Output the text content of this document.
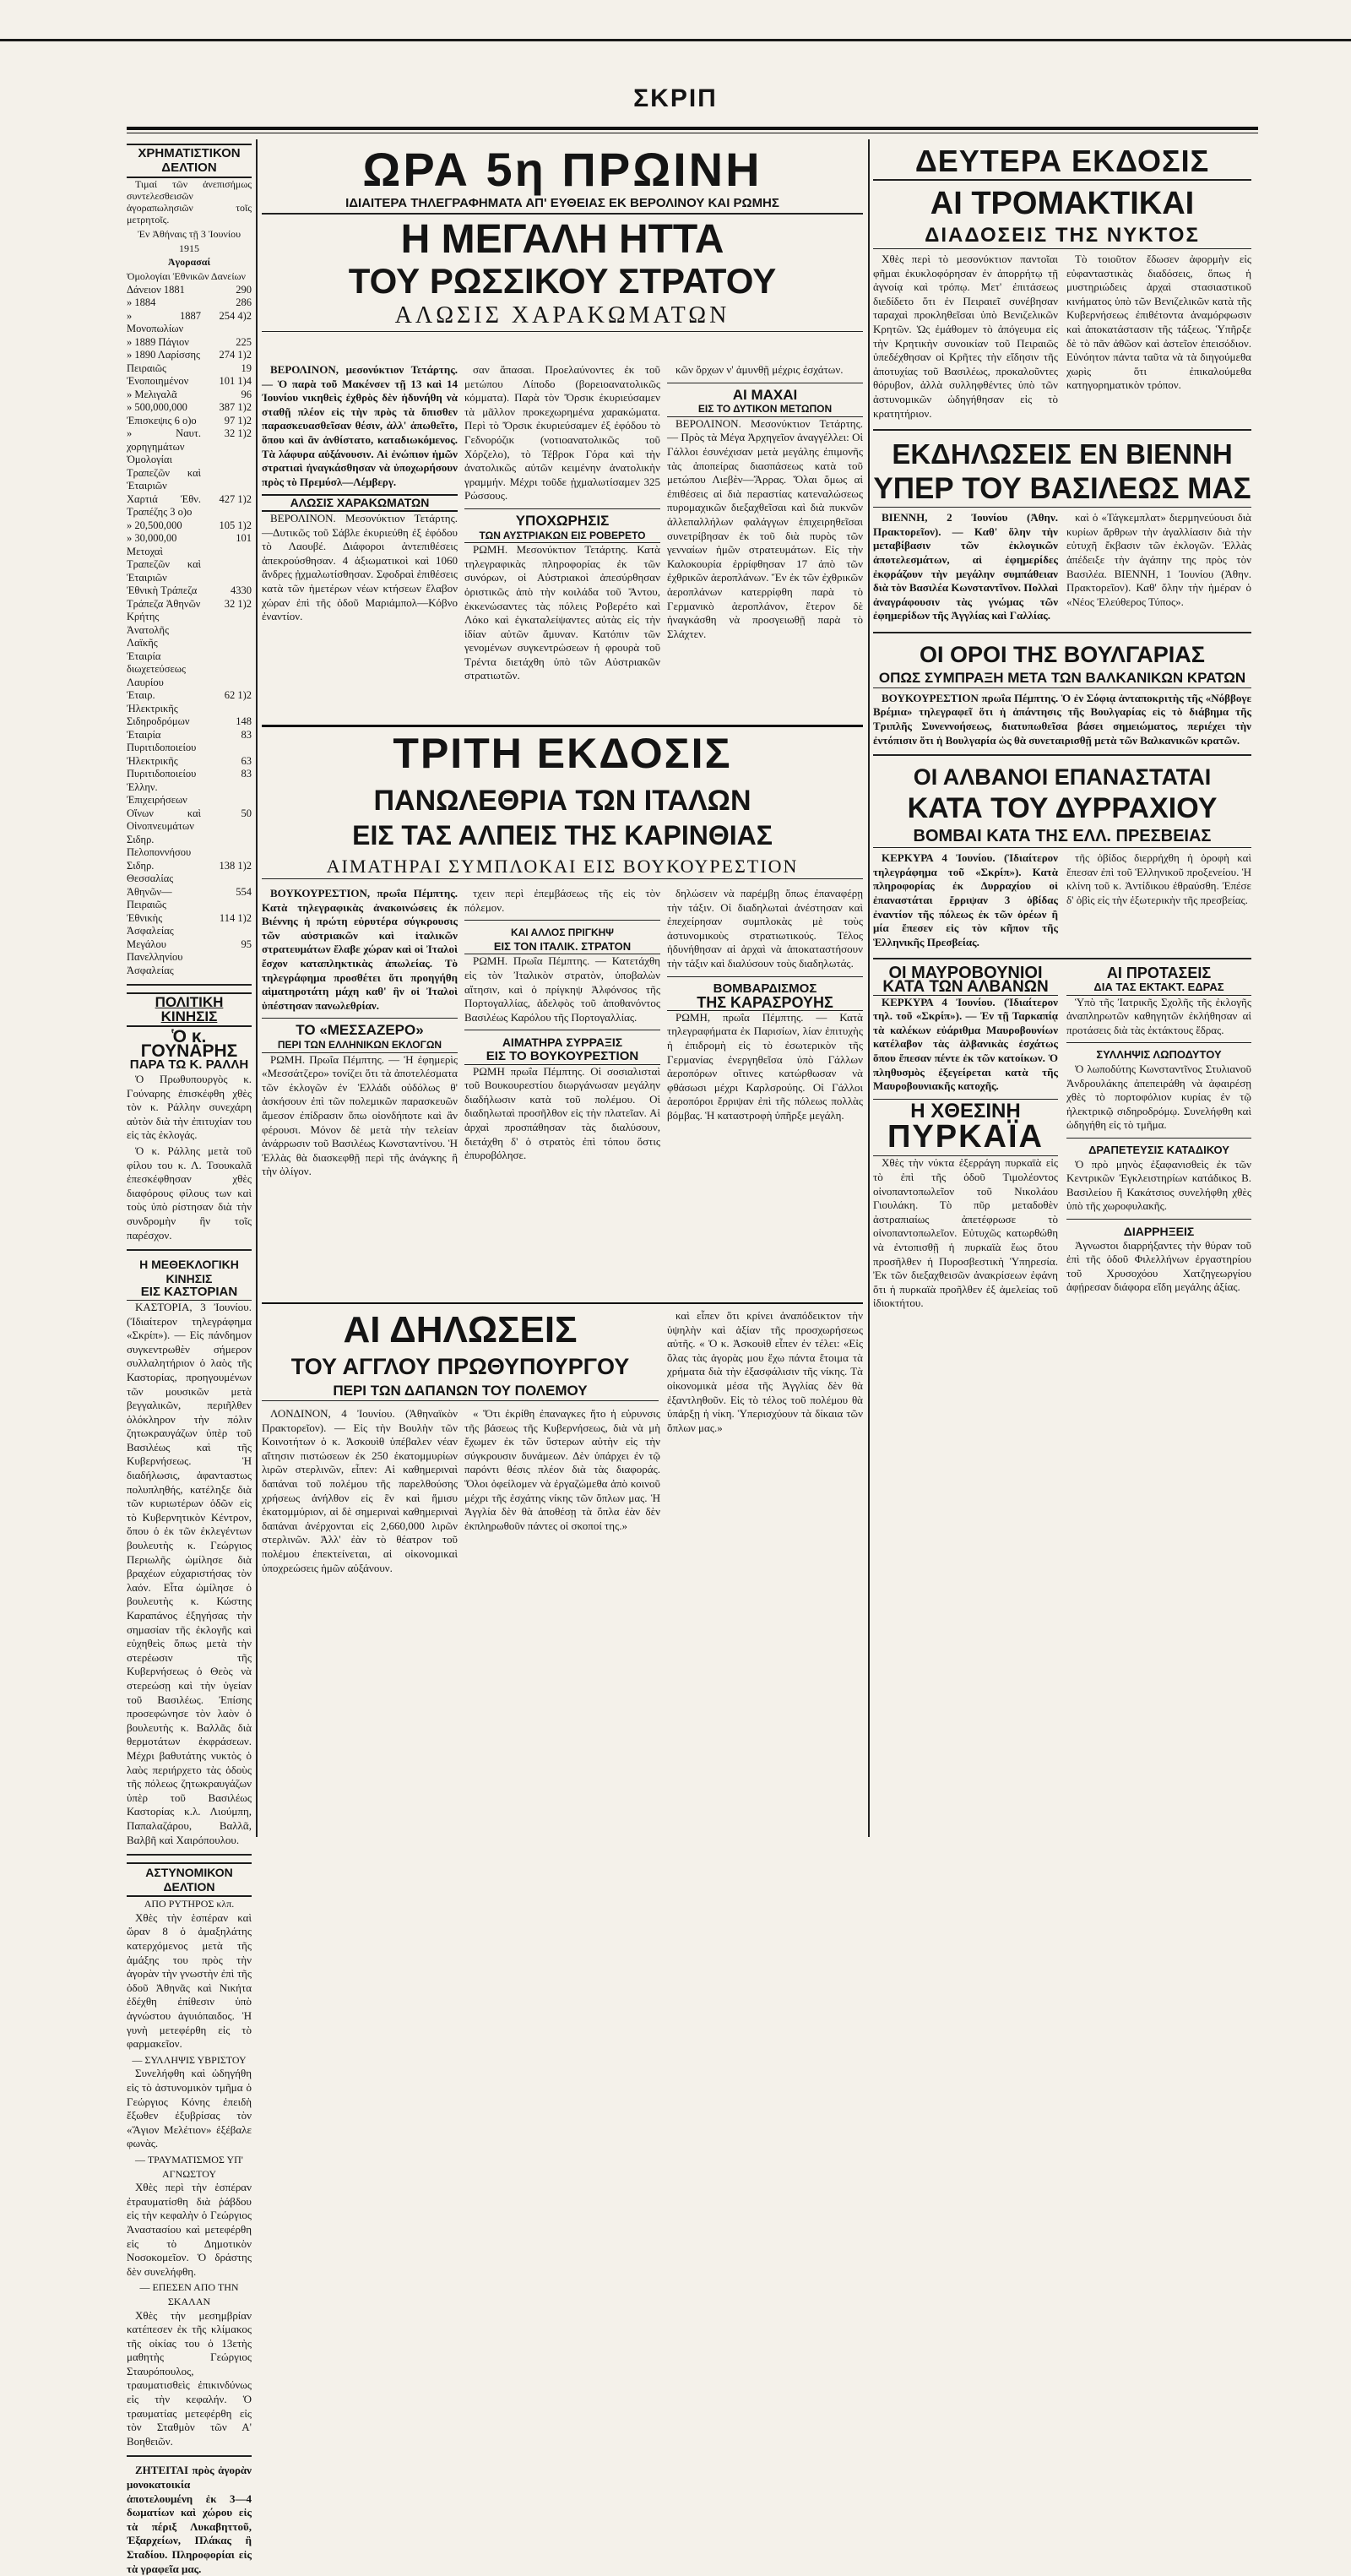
ΣΚΡΙΠ
ΧΡΗΜΑΤΙΣΤΙΚΟΝ ΔΕΛΤΙΟΝ

Τιμαί τῶν ἀνεπισήμως συντελεσθεισῶν ἀγοραπωλησιῶν τοῖς μετρητοῖς.

Ἐν Ἀθήναις τῇ 3 Ἰουνίου 1915
Ἀγορασαί
Ὁμολογίαι Ἐθνικῶν Δανείων
Δάνειον 1881	290
» 1884	286
» 1887 Μονοπωλίων	254 4)2
» 1889 Πάγιον	225
» 1890 Λαρίσσης	274 1)2
Πειραιῶς	19
Ἐνοποιημένον	101 1)4
» Μελιγαλᾶ	96
» 500,000,000	387 1)2
Ἐπισκεψις 6 ο)ο	97 1)2
» Ναυτ. χορηγημάτων	32 1)2
Ὁμολογίαι Τραπεζῶν καὶ Ἑταιριῶν	
Χαρτιά Ἐθν. Τραπέζης 3 ο)ο	427 1)2
» 20,500,000	105 1)2
» 30,000,00	101
Μετοχαὶ Τραπεζῶν καὶ Ἑταιριῶν	
Ἐθνικὴ Τράπεζα	4330
Τράπεζα Ἀθηνῶν	32 1)2
Κρήτης	
Ἀνατολῆς	
Λαϊκῆς	
Ἑταιρία διωχετεύσεως	
Λαυρίου	
Ἑταιρ. Ἠλεκτρικῆς	62 1)2
Σιδηροδρόμων	148
Ἑταιρία Πυριτιδοποιείου	83
Ἠλεκτρικῆς	63
Πυριτιδοποιείου	83
Ἑλλην. Ἐπιχειρήσεων	
Οἴνων καὶ Οἰνοπνευμάτων	50
Σιδηρ. Πελοποννήσου	
Σιδηρ. Θεσσαλίας	138 1)2
Ἀθηνῶν—Πειραιῶς	554
Ἐθνικὴς Ἀσφαλείας	114 1)2
Μεγάλου	95
Πανελληνίου Ἀσφαλείας	
ΠΟΛΙΤΙΚΗ ΚΙΝΗΣΙΣ
Ὁ κ. ΓΟΥΝΑΡΗΣ
ΠΑΡΑ ΤΩ Κ. ΡΑΛΛΗ

Ὁ Πρωθυπουργὸς κ. Γούναρης ἐπισκέφθη χθὲς τὸν κ. Ράλλην συνεχάρη αὐτὸν διὰ τὴν ἐπιτυχίαν του εἰς τὰς ἐκλογάς.

Ὁ κ. Ράλλης μετὰ τοῦ φίλου του κ. Λ. Τσουκαλᾶ ἐπεσκέφθησαν χθὲς διαφόρους φίλους των καὶ τοὺς ὑπὸ ρίστησαν διὰ τὴν συνδρομὴν ἣν τοῖς παρέσχον.

Η ΜΕΘΕΚΛΟΓΙΚΗ ΚΙΝΗΣΙΣ
ΕΙΣ ΚΑΣΤΟΡΙΑΝ

ΚΑΣΤΟΡΙΑ, 3 Ἰουνίου. (Ἰδιαίτερον τηλεγράφημα «Σκρίπ»). — Εἰς πάνδημον συγκεντρωθὲν σήμερον συλλαλητήριον ὁ λαὸς τῆς Καστορίας, προηγουμένων τῶν μουσικῶν μετὰ βεγγαλικῶν, περιῆλθεν ὁλόκληρον τὴν πόλιν ζητωκραυγάζων ὑπὲρ τοῦ Βασιλέως καὶ τῆς Κυβερνήσεως. Ἡ διαδήλωσις, ἀφανταστως πολυπληθής, κατέληξε διὰ τῶν κυριωτέρων ὁδῶν εἰς τὸ Κυβερνητικὸν Κέντρον, ὅπου ὁ ἐκ τῶν ἐκλεγέντων βουλευτὴς κ. Γεώργιος Περιωλῆς ὡμίλησε διὰ βραχέων εὐχαριστήσας τὸν λαόν. Εἶτα ὡμίλησε ὁ βουλευτὴς κ. Κώστης Καραπάνος ἐξηγήσας τὴν σημασίαν τῆς ἐκλογῆς καὶ εὐχηθεὶς ὅπως μετὰ τὴν στερέωσιν τῆς Κυβερνήσεως ὁ Θεὸς νὰ στερεώσῃ καὶ τὴν ὑγείαν τοῦ Βασιλέως. Ἐπίσης προσεφώνησε τὸν λαὸν ὁ βουλευτὴς κ. Βαλλᾶς διὰ θερμοτάτων ἐκφράσεων. Μέχρι βαθυτάτης νυκτὸς ὁ λαὸς περιήρχετο τὰς ὁδοὺς τῆς πόλεως ζητωκραυγάζων ὑπὲρ τοῦ Βασιλέως Καστορίας κ.λ. Λιούμπη, Παπαλαζάρου, Βαλλᾶ, Βαλβῆ καὶ Χαιρόπουλου.

ΑΣΤΥΝΟΜΙΚΟΝ ΔΕΛΤΙΟΝ
ΑΠΟ ΡΥΤΗΡΟΣ κλπ.

Χθὲς τὴν ἑσπέραν καὶ ὥραν 8 ὁ ἀμαξηλάτης κατερχόμενος μετὰ τῆς ἀμάξης του πρὸς τὴν ἀγορὰν τὴν γνωστὴν ἐπὶ τῆς ὁδοῦ Ἀθηνᾶς καὶ Νικήτα ἐδέχθη ἐπίθεσιν ὑπὸ ἀγνώστου ἀγυιόπαιδος. Ἡ γυνὴ μετεφέρθη εἰς τὸ φαρμακεῖον.

— ΣΥΛΛΗΨΙΣ ΥΒΡΙΣΤΟΥ

Συνελήφθη καὶ ὡδηγήθη εἰς τὸ ἀστυνομικὸν τμῆμα ὁ Γεώργιος Κόνης ἐπειδὴ ἔξωθεν ἐξυβρίσας τὸν «Ἅγιον Μελέτιον» ἐξέβαλε φωνὰς.

— ΤΡΑΥΜΑΤΙΣΜΟΣ ΥΠ' ΑΓΝΩΣΤΟΥ

Χθὲς περὶ τὴν ἑσπέραν ἐτραυματίσθη διὰ ῥάβδου εἰς τὴν κεφαλὴν ὁ Γεώργιος Ἀναστασίου καὶ μετεφέρθη εἰς τὸ Δημοτικὸν Νοσοκομεῖον. Ὁ δράστης δὲν συνελήφθη.

— ΕΠΕΣΕΝ ΑΠΟ ΤΗΝ ΣΚΑΛΑΝ

Χθὲς τὴν μεσημβρίαν κατέπεσεν ἐκ τῆς κλίμακος τῆς οἰκίας του ὁ 13ετὴς μαθητὴς Γεώργιος Σταυρόπουλος, τραυματισθεὶς ἐπικινδύνως εἰς τὴν κεφαλήν. Ὁ τραυματίας μετεφέρθη εἰς τὸν Σταθμὸν τῶν Α' Βοηθειῶν.

ΖΗΤΕΙΤΑΙ πρὸς ἀγορὰν μονοκατοικία ἀποτελουμένη ἐκ 3—4 δωματίων καὶ χώρου εἰς τὰ πέριξ Λυκαβηττοῦ, Ἐξαρχείων, Πλάκας ἢ Σταδίου. Πληροφορίαι εἰς τὰ γραφεῖα μας.

ΩΡΑ 5η ΠΡΩΙΝΗ
ΙΔΙΑΙΤΕΡΑ ΤΗΛΕΓΡΑΦΗΜΑΤΑ ΑΠ' ΕΥΘΕΙΑΣ ΕΚ ΒΕΡΟΛΙΝΟΥ ΚΑΙ ΡΩΜΗΣ
Η ΜΕΓΑΛΗ ΗΤΤΑ
ΤΟΥ ΡΩΣΣΙΚΟΥ ΣΤΡΑΤΟΥ
ΑΛΩΣΙΣ ΧΑΡΑΚΩΜΑΤΩΝ

ΒΕΡΟΛΙΝΟΝ, μεσονύκτιον Τετάρτης. — Ὁ παρὰ τοῦ Μακένσεν τῇ 13 καὶ 14 Ἰουνίου νικηθεὶς ἐχθρὸς δὲν ἠδυνήθη νὰ σταθῇ πλέον εἰς τὴν πρὸς τὰ ὄπισθεν παρασκευασθεῖσαν θέσιν, ἀλλ' ἀπωθεῖτο, ὅπου καὶ ἂν ἀνθίστατο, καταδιωκόμενος. Τὰ λάφυρα αὐξάνουσιν. Αἱ ἐνώπιον ἡμῶν στρατιαὶ ἠναγκάσθησαν νὰ ὑποχωρήσουν πρὸς τὸ Πρεμύσλ—Λέμβεργ.

ΑΛΩΣΙΣ ΧΑΡΑΚΩΜΑΤΩΝ

ΒΕΡΟΛΙΝΟΝ. Μεσονύκτιον Τετάρτης. —Δυτικῶς τοῦ Σάβλε ἐκυριεύθη ἐξ ἐφόδου τὸ Λαουβέ. Διάφοροι ἀντεπιθέσεις ἀπεκρούσθησαν. 4 ἀξιωματικοὶ καὶ 1060 ἄνδρες ᾐχμαλωτίσθησαν. Σφοδραὶ ἐπιθέσεις κατὰ τῶν ἡμετέρων νέων κτήσεων ἔλαβον χώραν ἐπὶ τῆς ὁδοῦ Μαριάμπολ—Κόβνο ἐναντίον.

σαν ἅπασαι. Προελαύνοντες ἐκ τοῦ μετώπου Λίποδο (βορειοανατολικῶς κόμματα). Παρὰ τὸν Ὄρσικ ἐκυριεύσαμεν τὰ μᾶλλον προκεχωρημένα χαρακώματα. Περὶ τὸ Ὄρσικ ἐκυριεύσαμεν ἐξ ἐφόδου τὸ Γεδνορόζικ (νοτιοανατολικῶς τοῦ Χόρζελο), τὸ Τέβροκ Γόρα καὶ τὴν ἀνατολικῶς αὐτῶν κειμένην ἀνατολικὴν γραμμήν. Μέχρι τοῦδε ᾐχμαλωτίσαμεν 325 Ρώσσους.

ΥΠΟΧΩΡΗΣΙΣ
ΤΩΝ ΑΥΣΤΡΙΑΚΩΝ ΕΙΣ ΡΟΒΕΡΕΤΟ

ΡΩΜΗ. Μεσονύκτιον Τετάρτης. Κατὰ τηλεγραφικὰς πληροφορίας ἐκ τῶν συνόρων, οἱ Αὐστριακοὶ ἀπεσύρθησαν ὁριστικῶς ἀπὸ τὴν κοιλάδα τοῦ Ἄντου, ἐκκενώσαντες τὰς πόλεις Ροβερέτο καὶ Λόκο καὶ ἐγκαταλείψαντες αὐτὰς εἰς τὴν ἰδίαν αὐτῶν ἄμυναν. Κατόπιν τῶν γενομένων συγκεντρώσεων ἡ φρουρὰ τοῦ Τρέντα διετάχθη ὑπὸ τῶν Αὐστριακῶν στρατιωτῶν.

κῶν ὄρχων ν' ἀμυνθῇ μέχρις ἐσχάτων.

ΑΙ ΜΑΧΑΙ
ΕΙΣ ΤΟ ΔΥΤΙΚΟΝ ΜΕΤΩΠΟΝ

ΒΕΡΟΛΙΝΟΝ. Μεσονύκτιον Τετάρτης. — Πρὸς τὰ Μέγα Ἀρχηγεῖον ἀναγγέλλει: Οἱ Γάλλοι ἐσυνέχισαν μετὰ μεγάλης ἐπιμονῆς τὰς ἀποπείρας διασπάσεως κατὰ τοῦ μετώπου Λιεβὲν—Ἄρρας. Ὅλαι ὅμως αἱ ἐπιθέσεις αἱ διὰ περαστίας κατεναλώσεως πυρομαχικῶν διεξαχθεῖσαι καὶ διὰ πυκνῶν ἀλλεπαλλήλων φαλάγγων ἐπιχειρηθεῖσαι συνετρίβησαν ἐκ τοῦ διὰ πυρὸς τῶν γενναίων ἡμῶν στρατευμάτων. Εἰς τὴν Καλοκουρία ἐρρίφθησαν 17 ἀπὸ τῶν ἐχθρικῶν ἀεροπλάνων. Ἕν ἐκ τῶν ἐχθρικῶν ἀεροπλάνων κατερρίφθη παρὰ τὸ Γερμανικὸ ἀεροπλάνον, ἕτερον δὲ ἠναγκάσθη νὰ προσγειωθῇ παρὰ τὸ Σλάχτεν.

ΤΡΙΤΗ ΕΚΔΟΣΙΣ
ΠΑΝΩΛΕΘΡΙΑ ΤΩΝ ΙΤΑΛΩΝ
ΕΙΣ ΤΑΣ ΑΛΠΕΙΣ ΤΗΣ ΚΑΡΙΝΘΙΑΣ
ΑΙΜΑΤΗΡΑΙ ΣΥΜΠΛΟΚΑΙ ΕΙΣ ΒΟΥΚΟΥΡΕΣΤΙΟΝ

ΒΟΥΚΟΥΡΕΣΤΙΟΝ, πρωΐα Πέμπτης. Κατὰ τηλεγραφικὰς ἀνακοινώσεις ἐκ Βιέννης ἡ πρώτη εὐρυτέρα σύγκρουσις τῶν αὐστριακῶν καὶ ἰταλικῶν στρατευμάτων ἔλαβε χώραν καὶ οἱ Ἰταλοὶ ἔσχον καταπληκτικὰς ἀπωλείας. Τὸ τηλεγράφημα προσθέτει ὅτι προηγήθη αἱματηροτάτη μάχη καθ' ἣν οἱ Ἰταλοὶ ὑπέστησαν πανωλεθρίαν.

ΤΟ «ΜΕΣΣΑΖΕΡΟ»
ΠΕΡΙ ΤΩΝ ΕΛΛΗΝΙΚΩΝ ΕΚΛΟΓΩΝ

ΡΩΜΗ. Πρωΐα Πέμπτης. — Ἡ ἐφημερὶς «Μεσσάτζερο» τονίζει ὅτι τὰ ἀποτελέσματα τῶν ἐκλογῶν ἐν Ἑλλάδι οὐδόλως θ' ἀσκήσουν ἐπὶ τῶν πολεμικῶν παρασκευῶν ἄμεσον ἐπίδρασιν ὅπω οἰονδήποτε καὶ ἂν φέρουσι. Μόνον δὲ μετὰ τὴν τελείαν ἀνάρρωσιν τοῦ Βασιλέως Κωνσταντίνου. Ἡ Ἑλλὰς θὰ διασκεφθῇ περὶ τῆς ἀνάγκης ἢ τὴν ὀλίγον.

τχειν περὶ ἐπεμβάσεως τῆς εἰς τὸν πόλεμον.

ΚΑΙ ΑΛΛΟΣ ΠΡΙΓΚΗΨ
ΕΙΣ ΤΟΝ ΙΤΑΛΙΚ. ΣΤΡΑΤΟΝ

ΡΩΜΗ. Πρωΐα Πέμπτης. — Κατετάχθη εἰς τὸν Ἰταλικὸν στρατὸν, ὑποβαλὼν αἴτησιν, καὶ ὁ πρίγκηψ Ἀλφόνσος τῆς Πορτογαλλίας, ἀδελφὸς τοῦ ἀποθανόντος Βασιλέως Καρόλου τῆς Πορτογαλλίας.

ΑΙΜΑΤΗΡΑ ΣΥΡΡΑΞΙΣ
ΕΙΣ ΤΟ ΒΟΥΚΟΥΡΕΣΤΙΟΝ

ΡΩΜΗ πρωΐα Πέμπτης. Οἱ σοσιαλισταὶ τοῦ Βουκουρεστίου διωργάνωσαν μεγάλην διαδήλωσιν κατὰ τοῦ πολέμου. Οἱ διαδηλωταὶ προσῆλθον εἰς τὴν πλατεῖαν. Αἱ ἀρχαὶ προσπάθησαν τὰς διαλύσουν, διετάχθη δ' ὁ στρατὸς ἐπὶ τόπου ὅστις ἐπυροβόλησε.

δηλώσειν νὰ παρέμβῃ ὅπως ἐπαναφέρῃ τὴν τάξιν. Οἱ διαδηλωταὶ ἀνέστησαν καὶ ἐπεχείρησαν συμπλοκὰς μὲ τοὺς ἀστυνομικοὺς στρατιωτικούς. Τέλος ἠδυνήθησαν αἱ ἀρχαὶ νὰ ἀποκαταστήσουν τὴν τάξιν καὶ διαλύσουν τοὺς διαδηλωτάς.

ΒΟΜΒΑΡΔΙΣΜΟΣ
ΤΗΣ ΚΑΡΑΣΡΟΥΗΣ

ΡΩΜΗ, πρωΐα Πέμπτης. — Κατὰ τηλεγραφήματα ἐκ Παρισίων, λίαν ἐπιτυχὴς ἡ ἐπιδρομὴ εἰς τὸ ἐσωτερικὸν τῆς Γερμανίας ἐνεργηθεῖσα ὑπὸ Γάλλων ἀεροπόρων οἵτινες κατώρθωσαν νὰ φθάσωσι μέχρι Καρλσρούης. Οἱ Γάλλοι ἀεροπόροι ἔρριψαν ἐπὶ τῆς πόλεως πολλὰς βόμβας. Ἡ καταστροφὴ ὑπῆρξε μεγάλη.

ΑΙ ΔΗΛΩΣΕΙΣ
ΤΟΥ ΑΓΓΛΟΥ ΠΡΩΘΥΠΟΥΡΓΟΥ
ΠΕΡΙ ΤΩΝ ΔΑΠΑΝΩΝ ΤΟΥ ΠΟΛΕΜΟΥ

ΛΟΝΔΙΝΟΝ, 4 Ἰουνίου. (Ἀθηναϊκὸν Πρακτορεῖον). — Εἰς τὴν Βουλὴν τῶν Κοινοτήτων ὁ κ. Ἀσκουὶθ ὑπέβαλεν νέαν αἴτησιν πιστώσεων ἐκ 250 ἑκατομμυρίων λιρῶν στερλινῶν, εἶπεν: Αἱ καθημεριναὶ δαπάναι τοῦ πολέμου τῆς παρελθούσης χρήσεως ἀνήλθον εἰς ἓν καὶ ἥμισυ ἑκατομμύριον, αἱ δὲ σημεριναὶ καθημεριναὶ δαπάναι ἀνέρχονται εἰς 2,660,000 λιρῶν στερλινῶν. Ἀλλ' ἐὰν τὸ θέατρον τοῦ πολέμου ἐπεκτείνεται, αἱ οἰκονομικαὶ ὑποχρεώσεις ἡμῶν αὐξάνουν.

« Ὅτι ἐκρίθη ἐπαναγκες ἤτο ἡ εὐρυνσις τῆς βάσεως τῆς Κυβερνήσεως, διὰ νὰ μὴ ἔχωμεν ἐκ τῶν ὕστερων αὐτὴν εἰς τὴν σύγκρουσιν δυνάμεων. Δὲν ὑπάρχει ἐν τῷ παρόντι θέσις πλέον διὰ τὰς διαφοράς. Ὅλοι ὀφείλομεν νὰ ἐργαζώμεθα ἀπὸ κοινοῦ μέχρι τῆς ἐσχάτης νίκης τῶν ὅπλων μας. Ἡ Ἀγγλία δὲν θὰ ἀποθέσῃ τὰ ὅπλα ἐὰν δὲν ἐκπληρωθοῦν πάντες οἱ σκοποί της.»

καὶ εἶπεν ὅτι κρίνει ἀναπόδεικτον τὴν ὑψηλὴν καὶ ἀξίαν τῆς προσχωρήσεως αὐτῆς. « Ὁ κ. Ἀσκουὶθ εἶπεν ἐν τέλει: «Εἰς ὅλας τὰς ἀγορὰς μου ἔχω πάντα ἕτοιμα τὰ χρήματα διὰ τὴν ἐξασφάλισιν τῆς νίκης. Τὰ οἰκονομικὰ μέσα τῆς Ἀγγλίας δὲν θὰ ἐξαντληθοῦν. Εἰς τὸ τέλος τοῦ πολέμου θὰ ὑπάρξῃ ἡ νίκη. Ὑπερισχύουν τὰ δίκαια τῶν ὅπλων μας.»

ΔΕΥΤΕΡΑ ΕΚΔΟΣΙΣ
ΑΙ ΤΡΟΜΑΚΤΙΚΑΙ
ΔΙΑΔΟΣΕΙΣ ΤΗΣ ΝΥΚΤΟΣ

Χθὲς περὶ τὸ μεσονύκτιον παντοῖαι φῆμαι ἐκυκλοφόρησαν ἐν ἀπορρήτῳ τῇ ἀγνοίᾳ καὶ τρόπῳ. Μετ' ἐπιτάσεως διεδίδετο ὅτι ἐν Πειραιεῖ συνέβησαν ταραχαὶ προκληθεῖσαι ὑπὸ Βενιζελικῶν Κρητῶν. Ὡς ἐμάθομεν τὸ ἀπόγευμα εἰς τὴν Κρητικὴν συνοικίαν τοῦ Πειραιῶς ὑπεδέχθησαν οἱ Κρῆτες τὴν εἴδησιν τῆς ἀποτυχίας τοῦ Βασιλέως, προκαλοῦντες θόρυβον, ἀλλὰ συλληφθέντες ὑπὸ τῶν ἀστυνομικῶν ὠδηγήθησαν εἰς τὸ κρατητήριον.

Τὸ τοιοῦτον ἔδωσεν ἀφορμὴν εἰς εὐφανταστικὰς διαδόσεις, ὅπως ἡ μυστηριώδεις ἀρχαὶ στασιαστικοῦ κινήματος ὑπὸ τῶν Βενιζελικῶν κατὰ τῆς Κυβερνήσεως ἐπιθέτοντα ἀναμόρφωσιν καὶ ἀποκατάστασιν τῆς τάξεως. Ὑπῆρξε δὲ τὸ πᾶν ἀθῶον καὶ ἀστεῖον ἐπεισόδιον. Εὐνόητον πάντα ταῦτα νὰ τὰ διηγούμεθα χωρὶς ὅτι ἐπικαλούμεθα κατηγορηματικὸν τρόπον.

ΕΚΔΗΛΩΣΕΙΣ ΕΝ ΒΙΕΝΝΗ
ΥΠΕΡ ΤΟΥ ΒΑΣΙΛΕΩΣ ΜΑΣ

ΒΙΕΝΝΗ, 2 Ἰουνίου (Ἀθην. Πρακτορεῖον). — Καθ' ὅλην τὴν μεταβίβασιν τῶν ἐκλογικῶν ἀποτελεσμάτων, αἱ ἐφημερίδες ἐκφράζουν τὴν μεγάλην συμπάθειαν διὰ τὸν Βασιλέα Κωνσταντῖνον. Πολλαὶ ἀναγράφουσιν τὰς γνώμας τῶν ἐφημερίδων τῆς Ἀγγλίας καὶ Γαλλίας.

καὶ ὁ «Τάγκεμπλατ» διερμηνεύουσι διὰ κυρίων ἄρθρων τὴν ἀγαλλίασιν διὰ τὴν εὐτυχῆ ἔκβασιν τῶν ἐκλογῶν. Ἑλλὰς ἀπέδειξε τὴν ἀγάπην της πρὸς τὸν Βασιλέα. ΒΙΕΝΝΗ, 1 Ἰουνίου (Ἀθην. Πρακτορεῖον). Καθ' ὅλην τὴν ἡμέραν ὁ «Νέος Ἐλεύθερος Τύπος».

ΟΙ ΟΡΟΙ ΤΗΣ ΒΟΥΛΓΑΡΙΑΣ
ΟΠΩΣ ΣΥΜΠΡΑΞΗ ΜΕΤΑ ΤΩΝ ΒΑΛΚΑΝΙΚΩΝ ΚΡΑΤΩΝ

ΒΟΥΚΟΥΡΕΣΤΙΟΝ πρωΐα Πέμπτης. Ὁ ἐν Σόφιᾳ ἀνταποκριτὴς τῆς «Νόββογε Βρέμια» τηλεγραφεῖ ὅτι ἡ ἀπάντησις τῆς Βουλγαρίας εἰς τὸ διάβημα τῆς Τριπλῆς Συνεννοήσεως, διατυπωθεῖσα βάσει σημειώματος, περιέχει τὴν ἐντόπισιν ὅτι ἡ Βουλγαρία ὡς θὰ συνεταιρισθῇ μετὰ τῶν Βαλκανικῶν κρατῶν.

ΟΙ ΑΛΒΑΝΟΙ ΕΠΑΝΑΣΤΑΤΑΙ
ΚΑΤΑ ΤΟΥ ΔΥΡΡΑΧΙΟΥ
ΒΟΜΒΑΙ ΚΑΤΑ ΤΗΣ ΕΛΛ. ΠΡΕΣΒΕΙΑΣ

ΚΕΡΚΥΡΑ 4 Ἰουνίου. (Ἰδιαίτερον τηλεγράφημα τοῦ «Σκρίπ»). Κατὰ πληροφορίας ἐκ Δυρραχίου οἱ ἐπαναστάται ἔρριψαν 3 ὀβίδας ἐναντίον τῆς πόλεως ἐκ τῶν ὀρέων ἢ μία ἔπεσεν εἰς τὸν κῆπον τῆς Ἑλληνικῆς Πρεσβείας.

τῆς ὀβίδος διερρήχθη ἡ ὁροφὴ καὶ ἔπεσαν ἐπὶ τοῦ Ἑλληνικοῦ προξενείου. Ἡ κλίνη τοῦ κ. Ἀντίδικου ἐθραύσθη. Ἐπέσε δ' ὀβὶς εἰς τὴν ἐξωτερικὴν τῆς πρεσβείας.

ΟΙ ΜΑΥΡΟΒΟΥΝΙΟΙ
ΚΑΤΑ ΤΩΝ ΑΛΒΑΝΩΝ

ΚΕΡΚΥΡΑ 4 Ἰουνίου. (Ἰδιαίτερον τηλ. τοῦ «Σκρίπ»). — Ἐν τῇ Ταρκαπίᾳ τὰ καλέκων εὐάριθμα Μαυροβουνίων κατέλαβον τὰς ἀλβανικὰς ἐσχάτως ὅπου ἔπεσαν πέντε ἐκ τῶν κατοίκων. Ὁ πληθυσμὸς ἐξεγείρεται κατὰ τῆς Μαυροβουνιακῆς κατοχῆς.

Η ΧΘΕΣΙΝΗ
ΠΥΡΚΑΪΑ

Χθὲς τὴν νύκτα ἐξερράγη πυρκαϊὰ εἰς τὸ ἐπὶ τῆς ὁδοῦ Τιμολέοντος οἰνοπαντοπωλεῖον τοῦ Νικολάου Γιουλάκη. Τὸ πῦρ μεταδοθὲν ἀστραπιαίως ἀπετέφρωσε τὸ οἰνοπαντοπωλεῖον. Εὐτυχῶς κατωρθώθη νὰ ἐντοπισθῇ ἡ πυρκαϊὰ ἕως ὅτου προσῆλθεν ἡ Πυροσβεστικὴ Ὑπηρεσία. Ἐκ τῶν διεξαχθεισῶν ἀνακρίσεων ἐφάνη ὅτι ἡ πυρκαϊὰ προῆλθεν ἐξ ἀμελείας τοῦ ἰδιοκτήτου.

ΑΙ ΠΡΟΤΑΣΕΙΣ
ΔΙΑ ΤΑΣ ΕΚΤΑΚΤ. ΕΔΡΑΣ

Ὑπὸ τῆς Ἰατρικῆς Σχολῆς τῆς ἐκλογῆς ἀναπληρωτῶν καθηγητῶν ἐκλήθησαν αἱ προτάσεις διὰ τὰς ἐκτάκτους ἕδρας.

ΣΥΛΛΗΨΙΣ ΛΩΠΟΔΥΤΟΥ

Ὁ λωποδύτης Κωνσταντῖνος Στυλιανοῦ Ἀνδρουλάκης ἀπεπειράθη νὰ ἀφαιρέσῃ χθὲς τὸ πορτοφόλιον κυρίας ἐν τῷ ἠλεκτρικῷ σιδηροδρόμῳ. Συνελήφθη καὶ ὡδηγήθη εἰς τὸ τμῆμα.

ΔΡΑΠΕΤΕΥΣΙΣ ΚΑΤΑΔΙΚΟΥ

Ὁ πρὸ μηνὸς ἐξαφανισθεὶς ἐκ τῶν Κεντρικῶν Ἐγκλειστηρίων κατάδικος Β. Βασιλείου ἢ Κακάτσιος συνελήφθη χθὲς ὑπὸ τῆς χωροφυλακῆς.

ΔΙΑΡΡΗΞΕΙΣ

Ἀγνωστοι διαρρήξαντες τὴν θύραν τοῦ ἐπὶ τῆς ὁδοῦ Φιλελλήνων ἐργαστηρίου τοῦ Χρυσοχόου Χατζηγεωργίου ἀφῄρεσαν διάφορα εἴδη μεγάλης ἀξίας.
